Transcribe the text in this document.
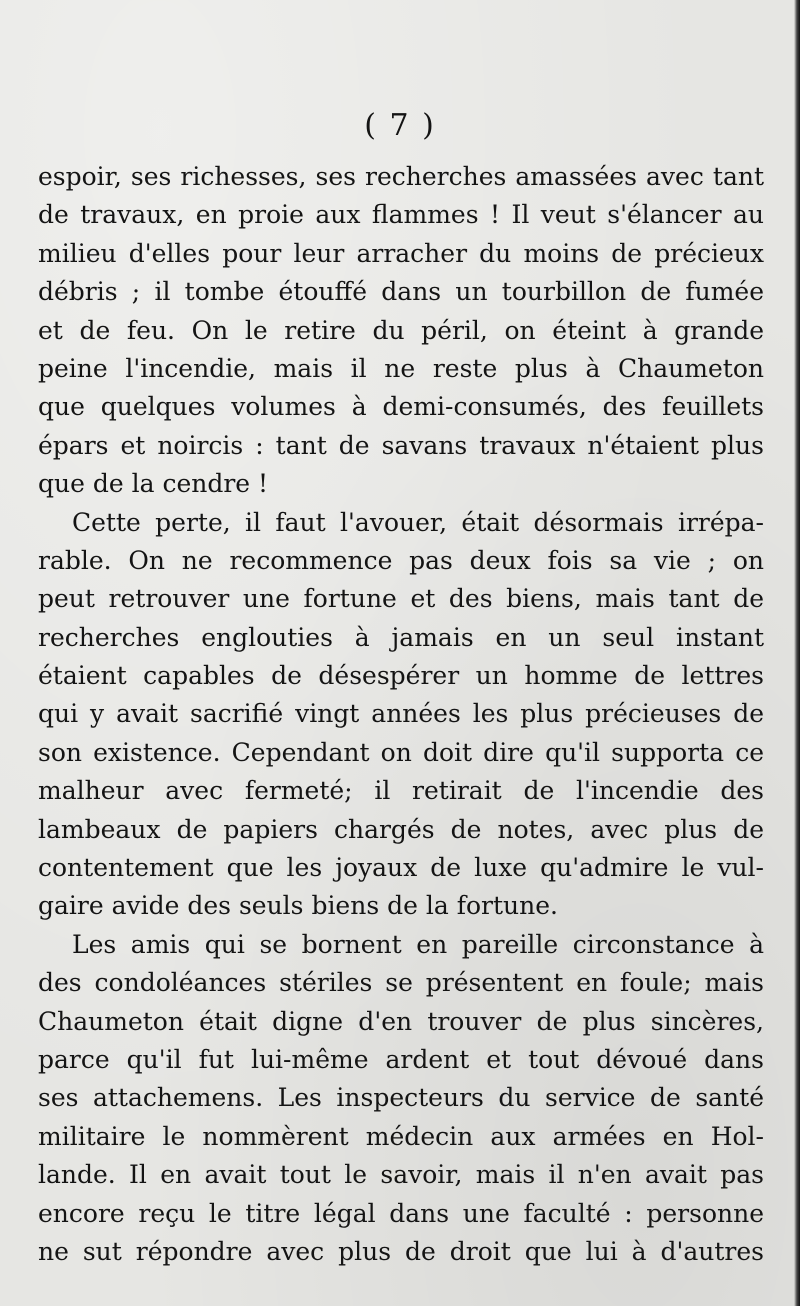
( 7 )
espoir, ses richesses, ses recherches amassées avec tant
de travaux, en proie aux flammes ! Il veut s'élancer au
milieu d'elles pour leur arracher du moins de précieux
débris ; il tombe étouffé dans un tourbillon de fumée
et de feu. On le retire du péril, on éteint à grande
peine l'incendie, mais il ne reste plus à Chaumeton
que quelques volumes à demi-consumés, des feuillets
épars et noircis : tant de savans travaux n'étaient plus
que de la cendre !
Cette perte, il faut l'avouer, était désormais irrépa-
rable. On ne recommence pas deux fois sa vie ; on
peut retrouver une fortune et des biens, mais tant de
recherches englouties à jamais en un seul instant
étaient capables de désespérer un homme de lettres
qui y avait sacrifié vingt années les plus précieuses de
son existence. Cependant on doit dire qu'il supporta ce
malheur avec fermeté; il retirait de l'incendie des
lambeaux de papiers chargés de notes, avec plus de
contentement que les joyaux de luxe qu'admire le vul-
gaire avide des seuls biens de la fortune.
Les amis qui se bornent en pareille circonstance à
des condoléances stériles se présentent en foule; mais
Chaumeton était digne d'en trouver de plus sincères,
parce qu'il fut lui-même ardent et tout dévoué dans
ses attachemens. Les inspecteurs du service de santé
militaire le nommèrent médecin aux armées en Hol-
lande. Il en avait tout le savoir, mais il n'en avait pas
encore reçu le titre légal dans une faculté : personne
ne sut répondre avec plus de droit que lui à d'autres
